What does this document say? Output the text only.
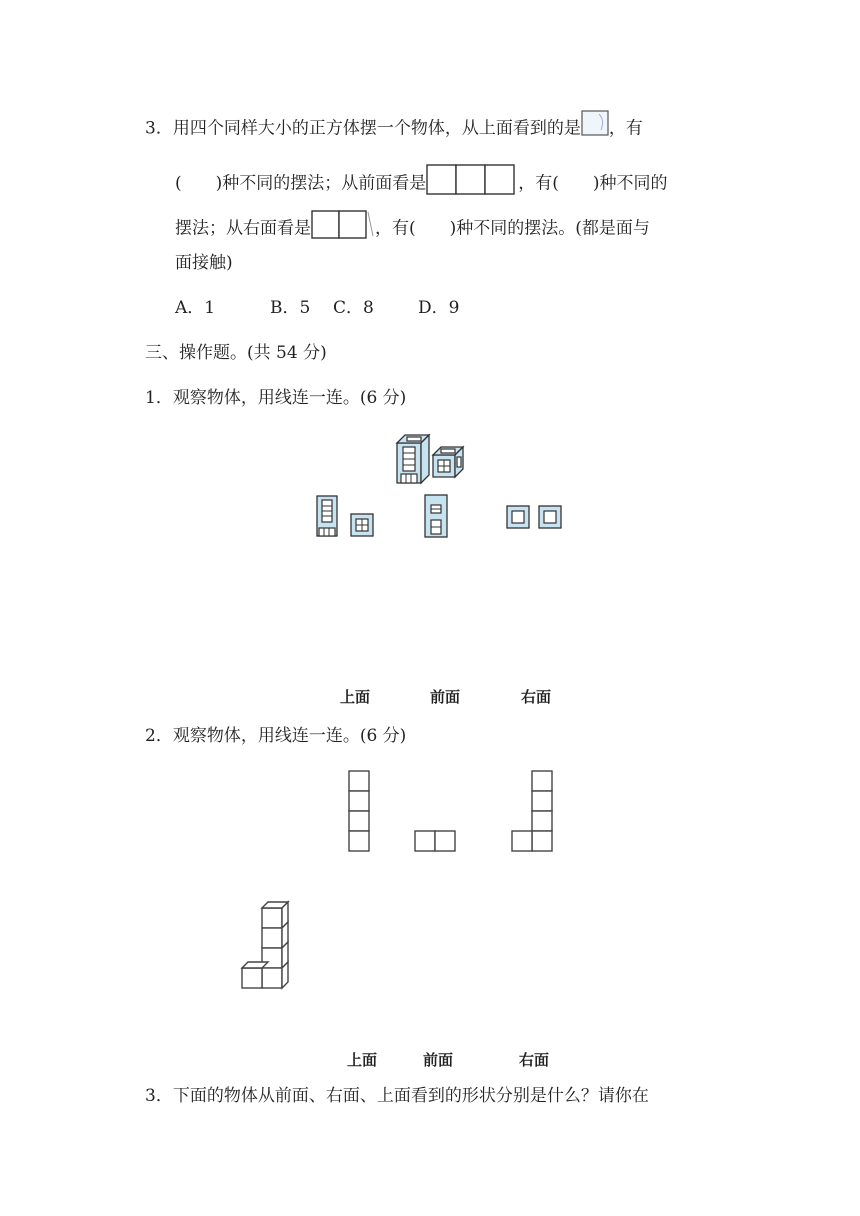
3．用四个同样大小的正方体摆一个物体，从上面看到的是 ，有
(　　)种不同的摆法；从前面看是	，有(　　)种不同的
摆法；从右面看是	，有(　　)种不同的摆法。(都是面与
面接触)
A．1	B．5 C．8	D．9
三、操作题。(共 54 分)
1．观察物体，用线连一连。(6 分)
上面	前面	右面
2．观察物体，用线连一连。(6 分)
上面	前面	右面
3．下面的物体从前面、右面、上面看到的形状分别是什么？请你在
